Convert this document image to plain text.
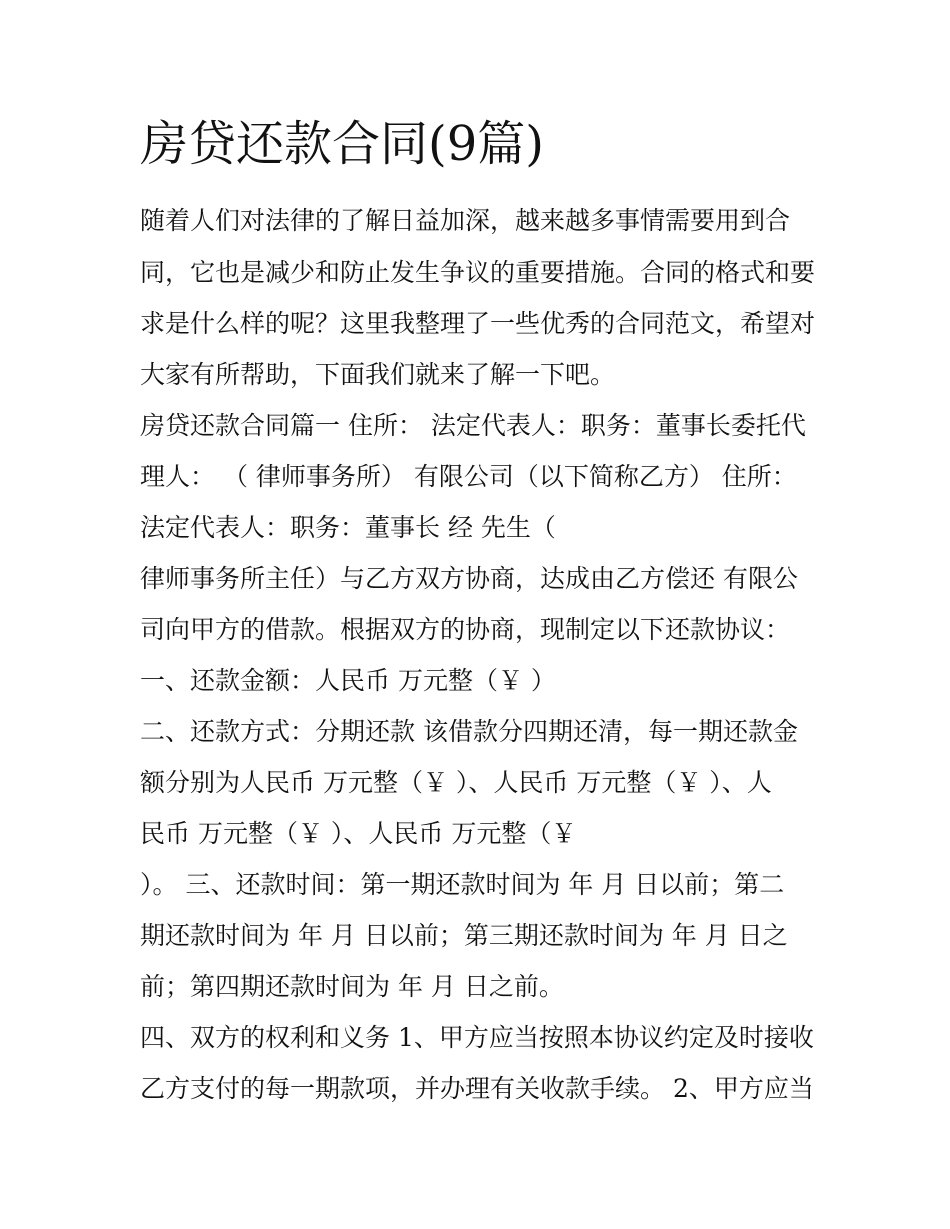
房贷还款合同(9篇)

随着人们对法律的了解日益加深，越来越多事情需要用到合

同，它也是减少和防止发生争议的重要措施。合同的格式和要

求是什么样的呢？这里我整理了一些优秀的合同范文，希望对

大家有所帮助，下面我们就来了解一下吧。

房贷还款合同篇一 住所： 法定代表人：职务：董事长委托代

理人： （ 律师事务所） 有限公司（以下简称乙方） 住所：

法定代表人：职务：董事长 经 先生（

律师事务所主任）与乙方双方协商，达成由乙方偿还 有限公

司向甲方的借款。根据双方的协商，现制定以下还款协议：

一、还款金额：人民币 万元整（￥ ）

二、还款方式：分期还款 该借款分四期还清，每一期还款金

额分别为人民币 万元整（￥ ）、人民币 万元整（￥ ）、人

民币 万元整（￥ ）、人民币 万元整（￥

）。 三、还款时间：第一期还款时间为 年 月 日以前；第二

期还款时间为 年 月 日以前；第三期还款时间为 年 月 日之

前；第四期还款时间为 年 月 日之前。

四、双方的权利和义务 1、甲方应当按照本协议约定及时接收

乙方支付的每一期款项，并办理有关收款手续。 2、甲方应当
